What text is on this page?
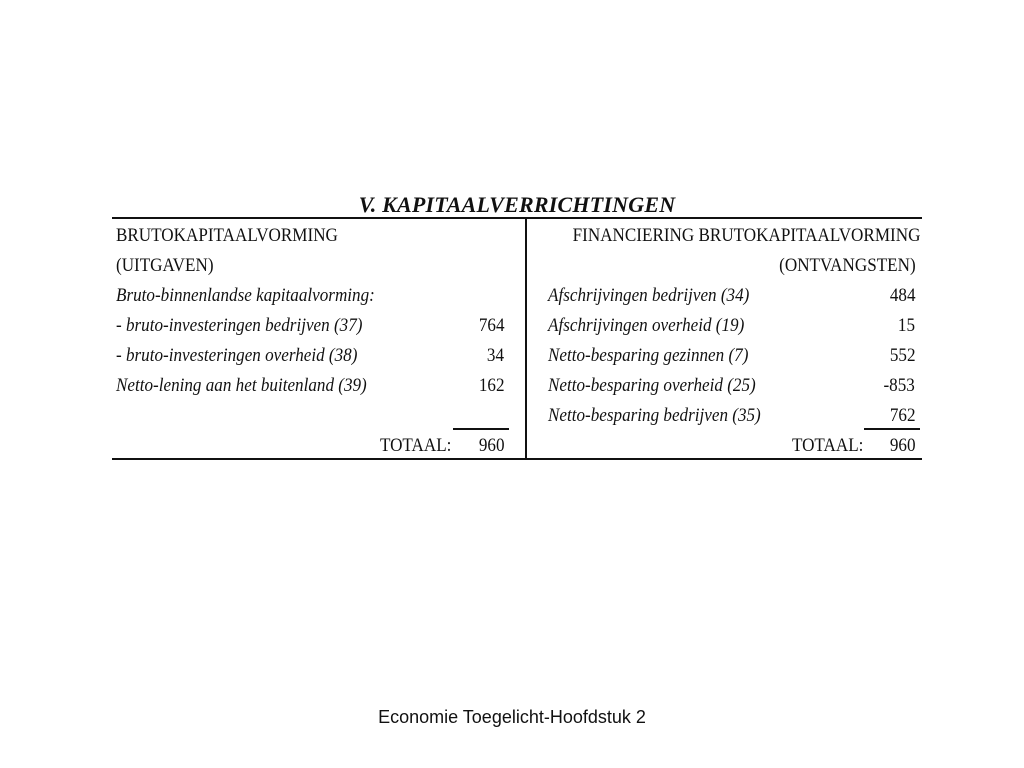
V. KAPITAALVERRICHTINGEN
BRUTOKAPITAALVORMING
(UITGAVEN)
Bruto-binnenlandse kapitaalvorming:
- bruto-investeringen bedrijven (37)	764
- bruto-investeringen overheid (38)	34
Netto-lening aan het buitenland (39)	162
TOTAAL: 960
FINANCIERING BRUTOKAPITAALVORMING
(ONTVANGSTEN)
Afschrijvingen bedrijven (34)	484
Afschrijvingen overheid (19)	15
Netto-besparing gezinnen (7)	552
Netto-besparing overheid (25)	-853
Netto-besparing bedrijven (35)	762
TOTAAL: 960
Economie Toegelicht-Hoofdstuk 2
